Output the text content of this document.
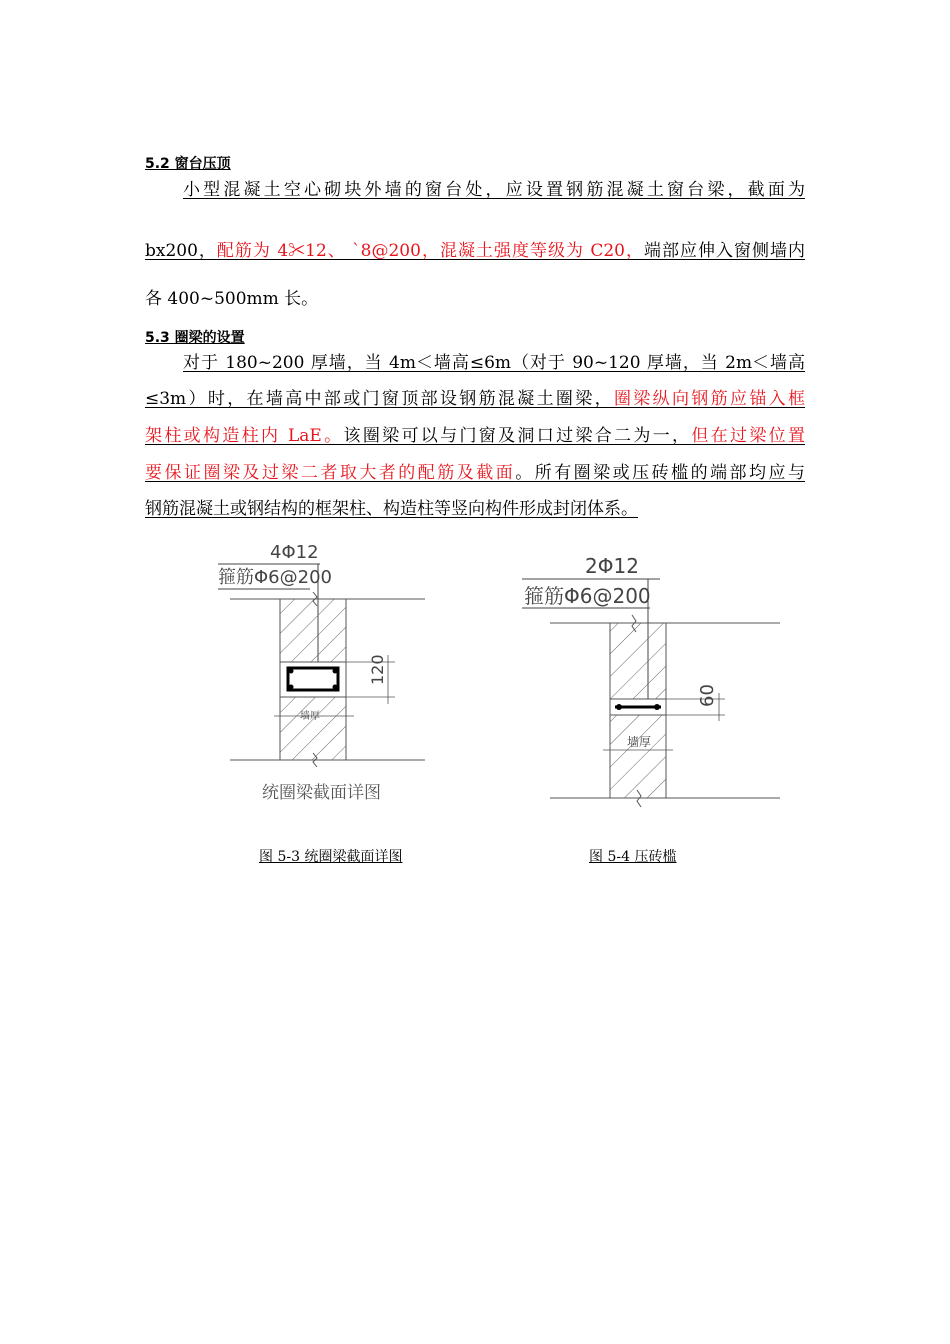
5.2 窗台压顶
小型混凝土空心砌块外墙的窗台处，应设置钢筋混凝土窗台梁，截面为
bx200，配筋为 4✂12、 `8@200，混凝土强度等级为 C20，端部应伸入窗侧墙内
各 400~500mm 长。
5.3 圈梁的设置
对于 180~200 厚墙，当 4m＜墙高≤6m（对于 90~120 厚墙，当 2m＜墙高
≤3m）时，在墙高中部或门窗顶部设钢筋混凝土圈梁，圈梁纵向钢筋应锚入框
架柱或构造柱内 LaE。该圈梁可以与门窗及洞口过梁合二为一，但在过梁位置
要保证圈梁及过梁二者取大者的配筋及截面。所有圈梁或压砖槛的端部均应与
钢筋混凝土或钢结构的框架柱、构造柱等竖向构件形成封闭体系。
4Φ12
箍筋Φ6@200
120
墙厚
统圈梁截面详图
图 5-3 统圈梁截面详图
2Φ12
箍筋Φ6@200
60
墙厚
图 5-4 压砖槛
